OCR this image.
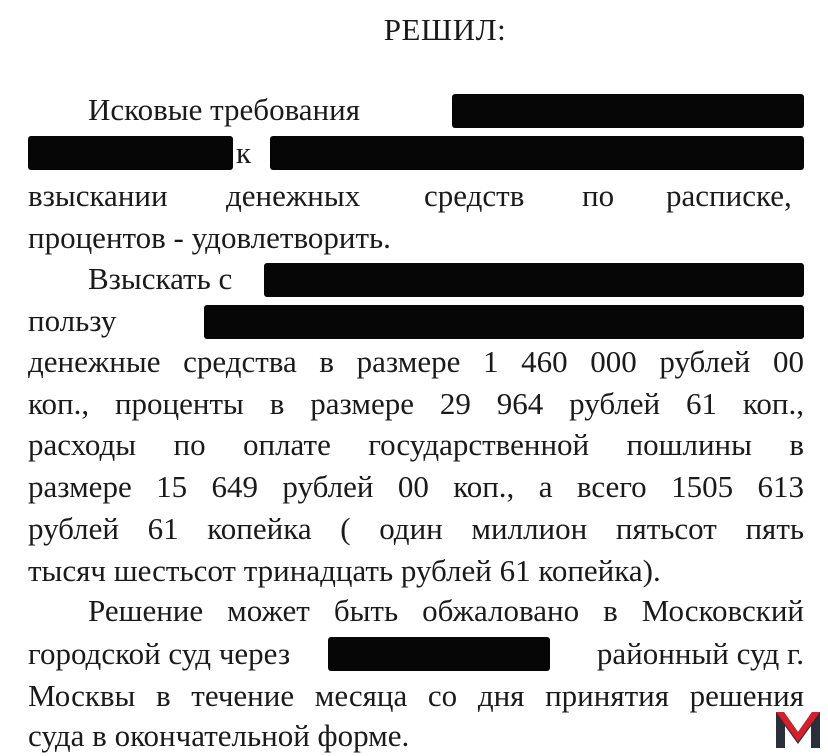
РЕШИЛ:
Исковые требования
к
взыскании денежных средств по расписке,
процентов - удовлетворить.
Взыскать с
пользу
денежные средства в размере 1 460 000 рублей 00
коп., проценты в размере 29 964 рублей 61 коп.,
расходы по оплате государственной пошлины в
размере 15 649 рублей 00 коп., а всего 1505 613
рублей 61 копейка ( один миллион пятьсот пять
тысяч шестьсот тринадцать рублей 61 копейка).
Решение может быть обжаловано в Московский
городской суд через	районный суд г.
Москвы в течение месяца со дня принятия решения
суда в окончательной форме.
